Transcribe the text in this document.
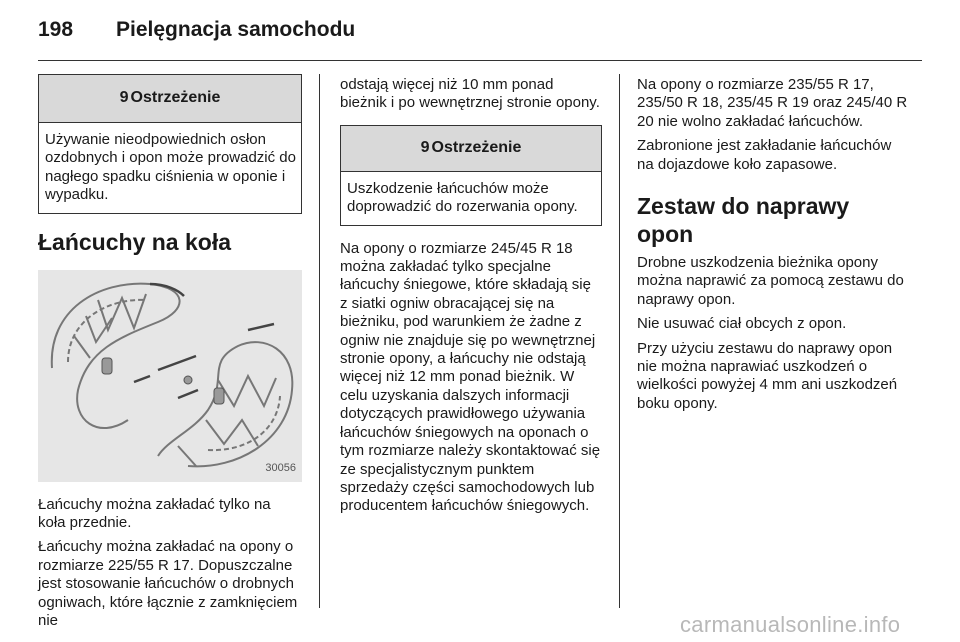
198 Pielęgnacja samochodu
9 Ostrzeżenie
Używanie nieodpowiednich osłon ozdobnych i opon może prowadzić do nagłego spadku ciśnienia w oponie i wypadku.
Łańcuchy na koła
30056

Łańcuchy można zakładać tylko na koła przednie.

Łańcuchy można zakładać na opony o rozmiarze 225/55 R 17. Dopuszczalne jest stosowanie łańcuchów o drobnych ogniwach, które łącznie z zamknięciem nie

odstają więcej niż 10 mm ponad bieżnik i po wewnętrznej stronie opony.

9 Ostrzeżenie
Uszkodzenie łańcuchów może doprowadzić do rozerwania opony.

Na opony o rozmiarze 245/45 R 18 można zakładać tylko specjalne łańcuchy śniegowe, które składają się z siatki ogniw obracającej się na bieżniku, pod warunkiem że żadne z ogniw nie znajduje się po wewnętrznej stronie opony, a łańcuchy nie odstają więcej niż 12 mm ponad bieżnik. W celu uzyskania dalszych informacji dotyczących prawidłowego używania łańcuchów śniegowych na oponach o tym rozmiarze należy skontaktować się ze specjalistycznym punktem sprzedaży części samochodowych lub producentem łańcuchów śniegowych.

Na opony o rozmiarze 235/55 R 17, 235/50 R 18, 235/45 R 19 oraz 245/40 R 20 nie wolno zakładać łańcuchów.

Zabronione jest zakładanie łańcuchów na dojazdowe koło zapasowe.

Zestaw do naprawy opon

Drobne uszkodzenia bieżnika opony można naprawić za pomocą zestawu do naprawy opon.

Nie usuwać ciał obcych z opon.

Przy użyciu zestawu do naprawy opon nie można naprawiać uszkodzeń o wielkości powyżej 4 mm ani uszkodzeń boku opony.

carmanualsonline.info
